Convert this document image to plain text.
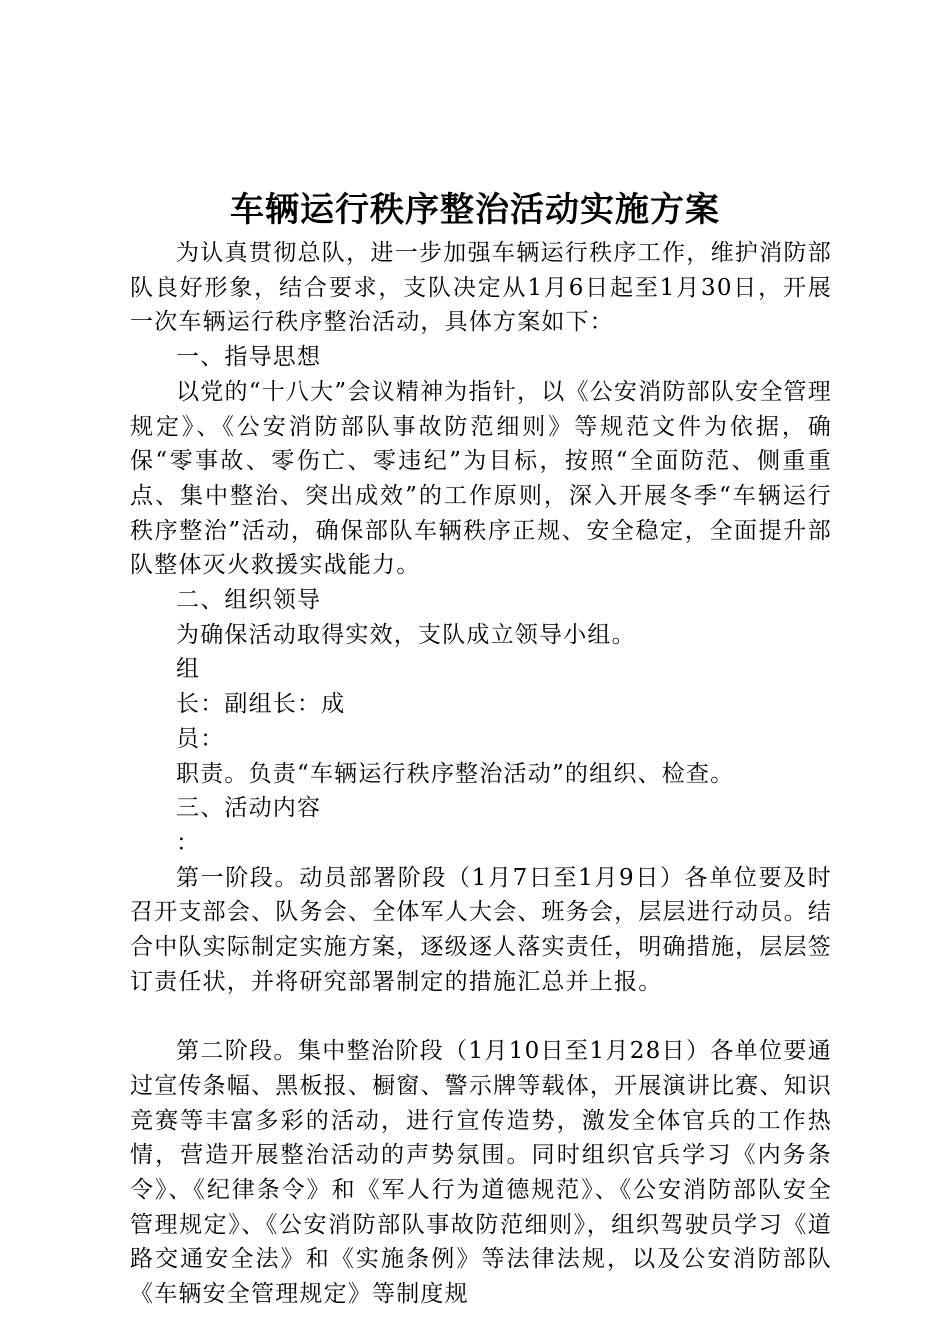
车辆运行秩序整治活动实施方案

为认真贯彻总队，进一步加强车辆运行秩序工作，维护消防部队良好形象，结合要求，支队决定从1月6日起至1月30日，开展一次车辆运行秩序整治活动，具体方案如下：

一、指导思想

以党的“十八大”会议精神为指针，以《公安消防部队安全管理规定》、《公安消防部队事故防范细则》等规范文件为依据，确保“零事故、零伤亡、零违纪”为目标，按照“全面防范、侧重重点、集中整治、突出成效”的工作原则，深入开展冬季“车辆运行秩序整治”活动，确保部队车辆秩序正规、安全稳定，全面提升部队整体灭火救援实战能力。

二、组织领导

为确保活动取得实效，支队成立领导小组。

组

长：副组长：成

员：

职责。负责“车辆运行秩序整治活动”的组织、检查。

三、活动内容

：

第一阶段。动员部署阶段（1月7日至1月9日）各单位要及时召开支部会、队务会、全体军人大会、班务会，层层进行动员。结合中队实际制定实施方案，逐级逐人落实责任，明确措施，层层签订责任状，并将研究部署制定的措施汇总并上报。

第二阶段。集中整治阶段（1月10日至1月28日）各单位要通过宣传条幅、黑板报、橱窗、警示牌等载体，开展演讲比赛、知识竞赛等丰富多彩的活动，进行宣传造势，激发全体官兵的工作热情，营造开展整治活动的声势氛围。同时组织官兵学习《内务条令》、《纪律条令》和《军人行为道德规范》、《公安消防部队安全管理规定》、《公安消防部队事故防范细则》，组织驾驶员学习《道路交通安全法》和《实施条例》等法律法规，以及公安消防部队《车辆安全管理规定》等制度规
